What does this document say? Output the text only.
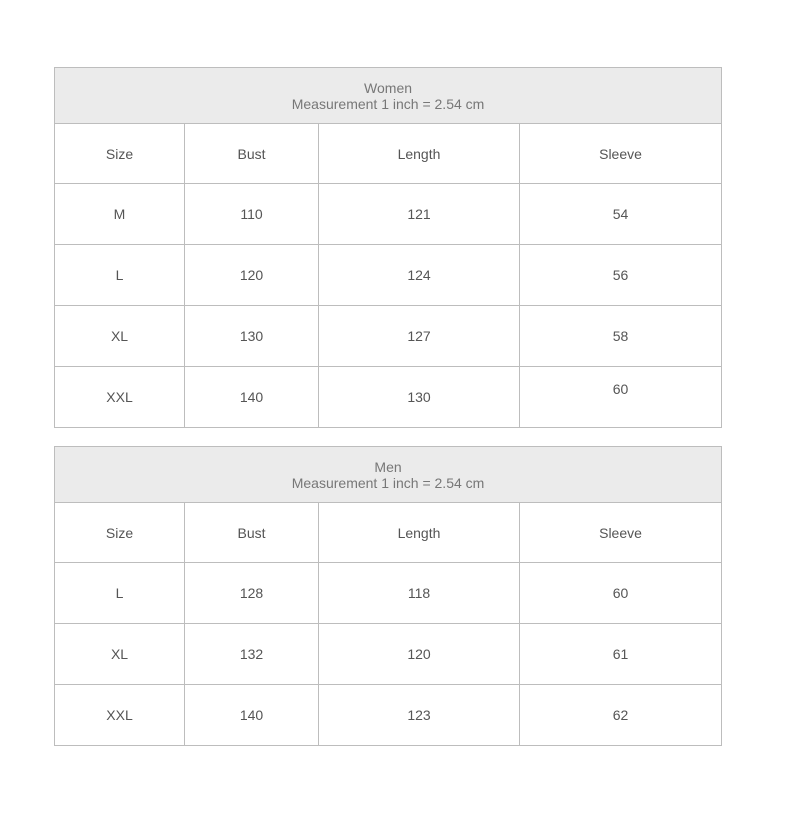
Women
Measurement 1 inch = 2.54 cm			

Size	Bust	Length	Sleeve
M	110	121	54
L	120	124	56
XL	130	127	58
XXL	140	130	60
Men
Measurement 1 inch = 2.54 cm			

Size	Bust	Length	Sleeve
L	128	118	60
XL	132	120	61
XXL	140	123	62
